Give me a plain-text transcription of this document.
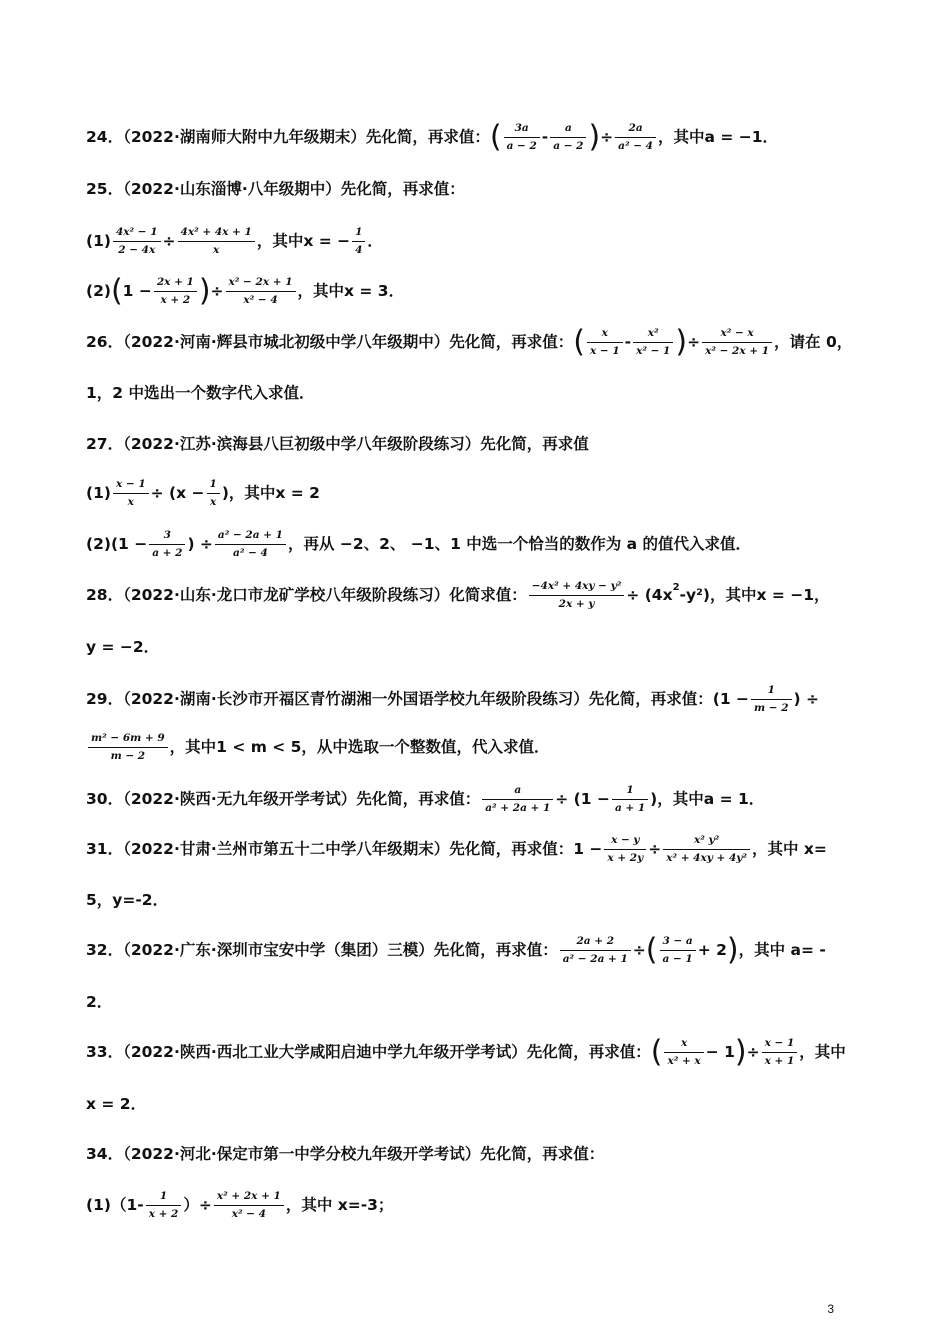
24．（2022·湖南师大附中九年级期末）先化简，再求值：( $\frac{3a}{a - 2} - \frac{a}{a - 2}$ )÷ $\frac{2a}{\text{a² − 4}}$ ，其中a = −1．
25．（2022·山东淄博·八年级期中）先化简，再求值：
$(1) \frac{\text{4x² − 1}}{2 - 4x} \div \frac{\text{4x² + 4x + 1}}{x}$ ，其中x = − $\frac{1}{4}$ ．
$(2)(1 - \frac{2x + 1}{x + 2}$ )÷ $\frac{\text{x² − 2x + 1}}{\text{x² − 4}}$ ，其中x = 3．
26．（2022·河南·辉县市城北初级中学八年级期中）先化简，再求值：( $\frac{x}{x - 1} - \frac{\text{x²}}{\text{x² − 1}}$ )÷ $\frac{\text{x² − x}}{\text{x² − 2x + 1}}$ ，请在 0，
1，2 中选出一个数字代入求值．
27．（2022·江苏·滨海县八巨初级中学八年级阶段练习）先化简，再求值
$(1) \frac{x - 1}{x} \div (x - \frac{1}{x}$ )，其中x = 2
$(2)(1 - \frac{3}{a + 2}$ ) ÷ $\frac{\text{a² − 2a + 1}}{\text{a² − 4}}$ ，再从 −2、2、 −1、1 中选一个恰当的数作为 a 的值代入求值．
28．（2022·山东·龙口市龙矿学校八年级阶段练习）化简求值： $\frac{\text{−4x² + 4xy − y²}}{2x + y} \div (4x^2-y^2)$，其中x = −1，
y = −2．
29．（2022·湖南·长沙市开福区青竹湖湘一外国语学校九年级阶段练习）先化简，再求值：($1 - \frac{1}{m - 2}$ ) ÷
$\frac{\text{m² − 6m + 9}}{m - 2}$ ，其中1 < m < 5，从中选取一个整数值，代入求值．
30．（2022·陕西·无九年级开学考试）先化简，再求值： $\frac{a}{\text{a² + 2a + 1}} \div (1 - \frac{1}{a + 1}$ )，其中a = 1．
31．（2022·甘肃·兰州市第五十二中学八年级期末）先化简，再求值：$1 - \frac{x - y}{x + 2y} \div \frac{\text{x² y²}}{\text{x² + 4xy + 4y²}}$ ，其中 x=
5，y=-2．
32．（2022·广东·深圳市宝安中学（集团）三模）先化简，再求值： $\frac{2a + 2}{\text{a² − 2a + 1}}$ ÷( $\frac{3 - a}{a - 1} + 2$)，其中 a= -
2．
33．（2022·陕西·西北工业大学咸阳启迪中学九年级开学考试）先化简，再求值：( $\frac{x}{\text{x² + x}} - 1)\div \frac{x - 1}{x + 1}$ ，其中
x = 2．
34．（2022·河北·保定市第一中学分校九年级开学考试）先化简，再求值：
$(1)(1- \frac{1}{x + 2}$ ）÷ $\frac{\text{x² + 2x + 1}}{\text{x² − 4}}$ ，其中 x=-3；
3
